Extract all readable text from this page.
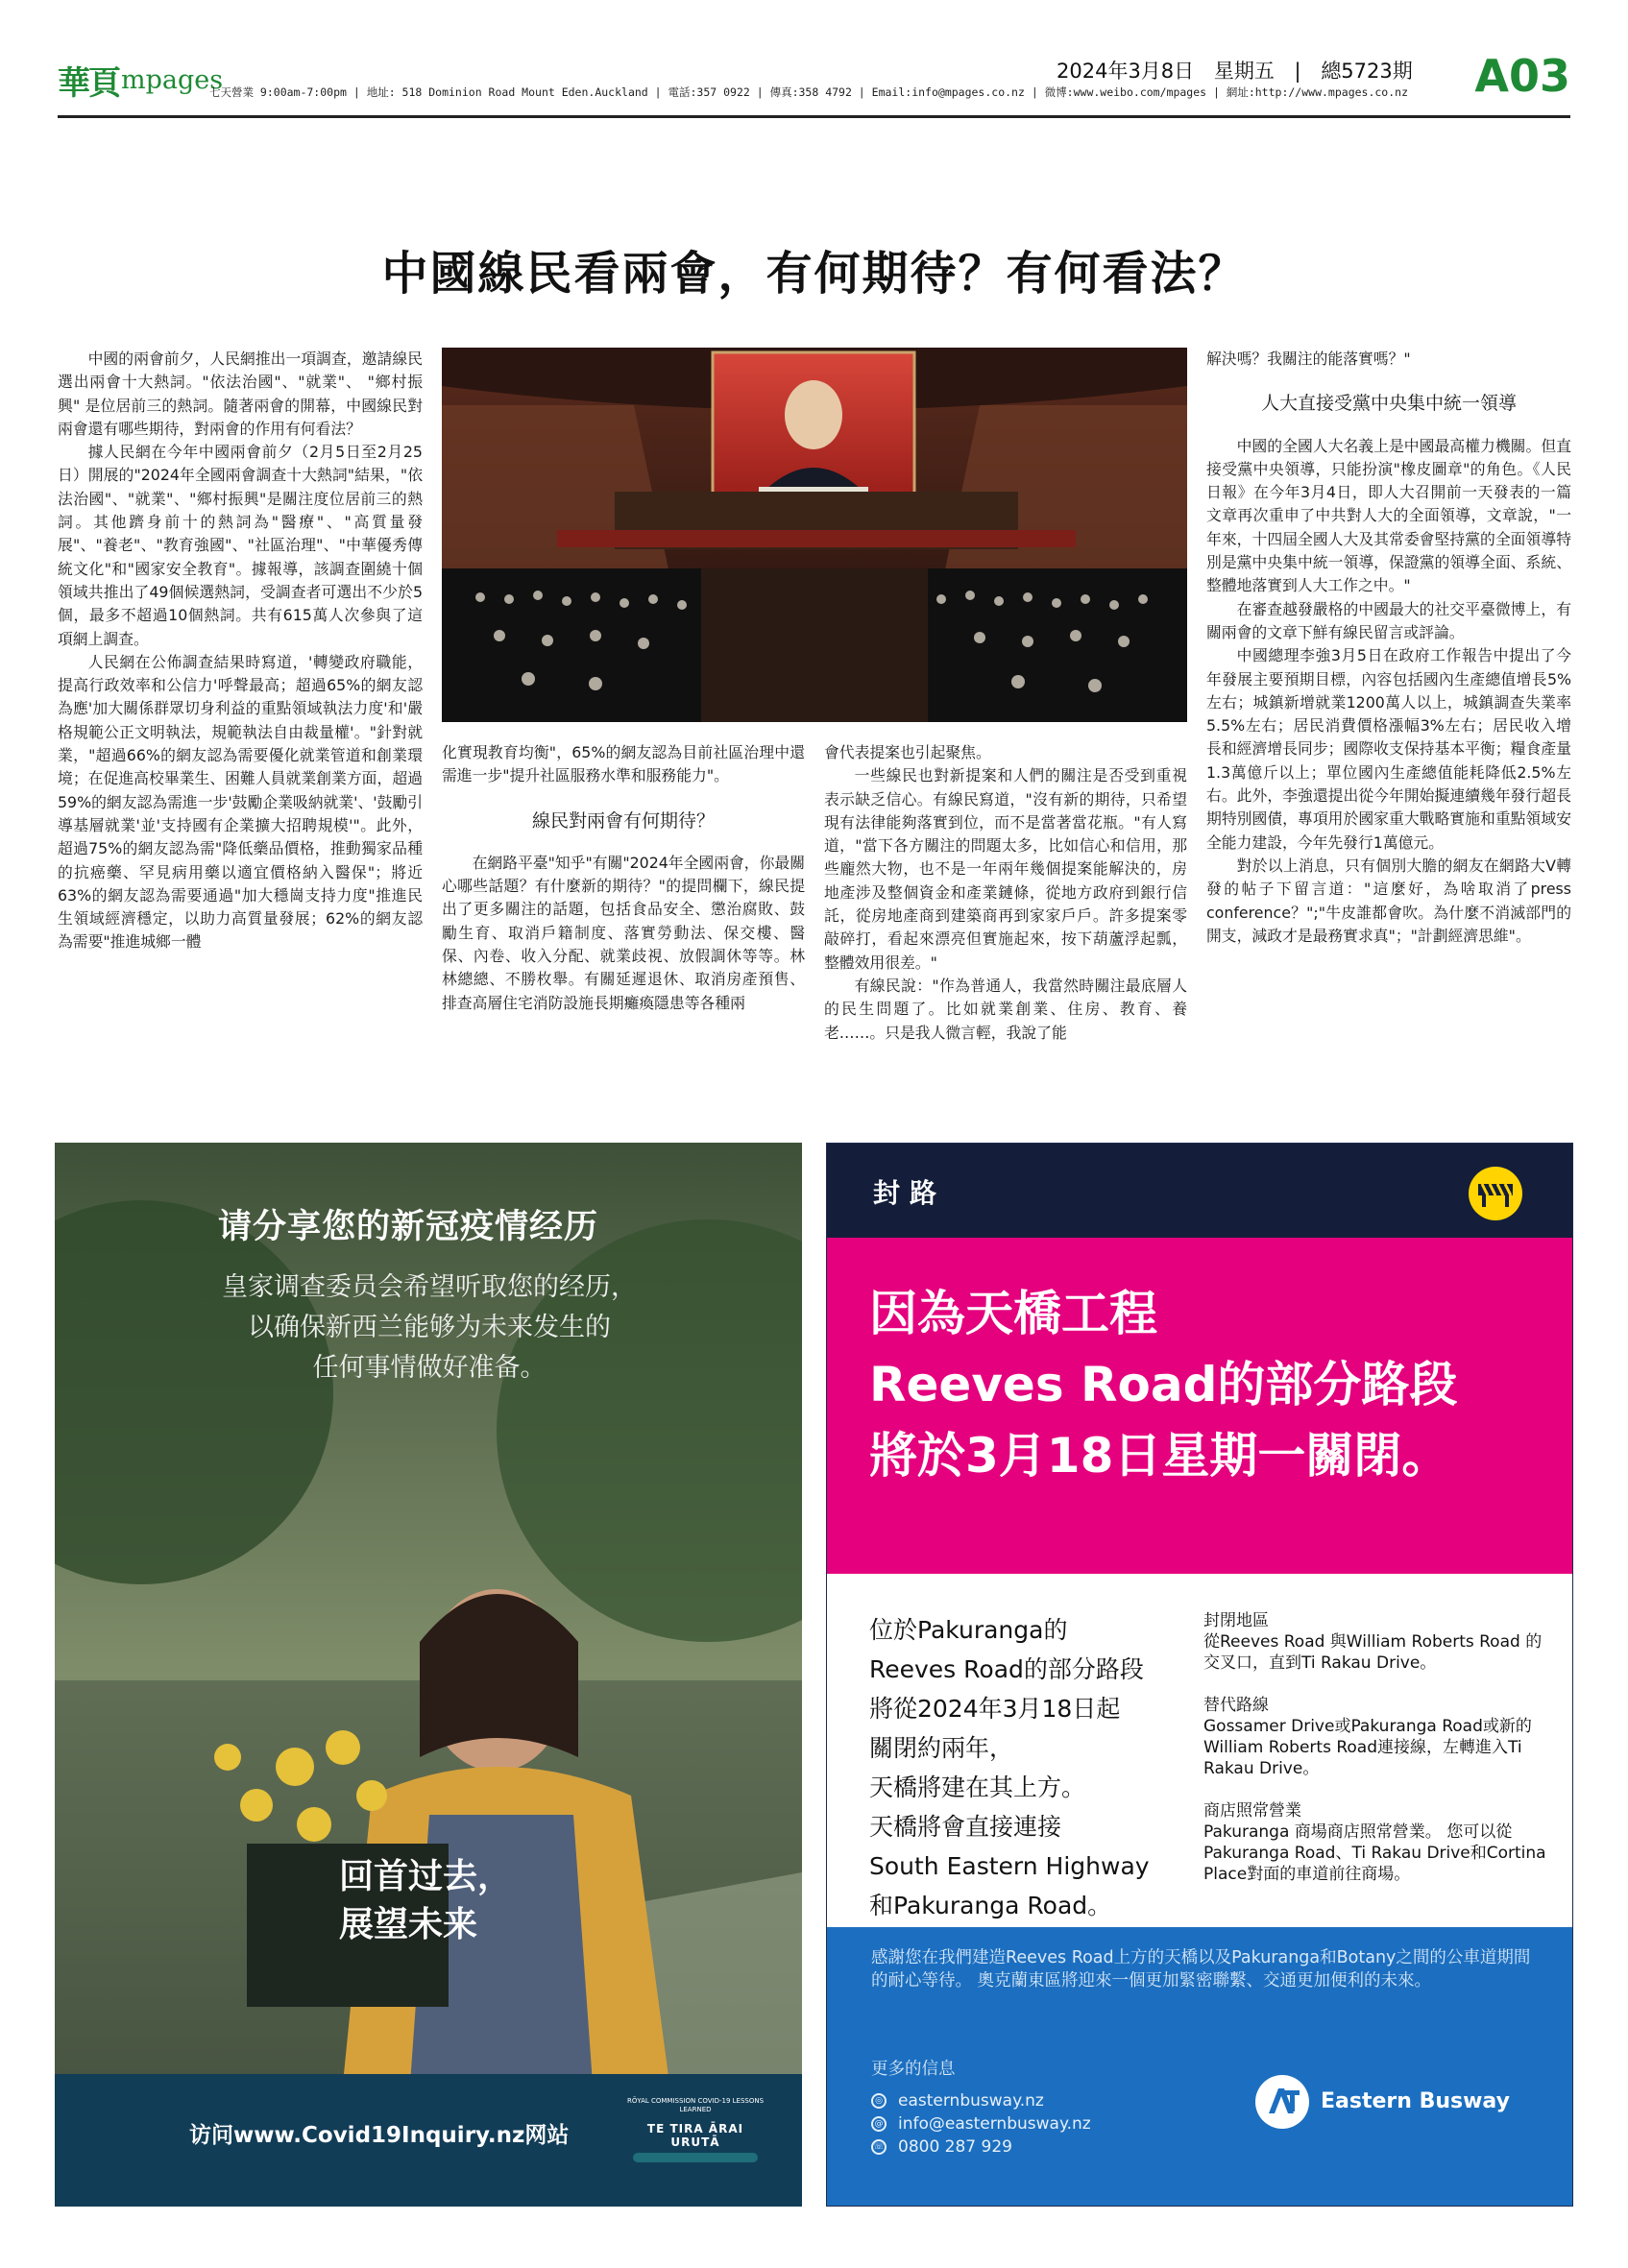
華頁 mpages
七天營業 9:00am-7:00pm | 地址: 518 Dominion Road Mount Eden.Auckland | 電話:357 0922 | 傳真:358 4792 | Email:info@mpages.co.nz | 微博:www.weibo.com/mpages | 網址:http://www.mpages.co.nz
2024年3月8日 星期五 | 總5723期	A03
中國線民看兩會，有何期待？有何看法？

中國的兩會前夕，人民網推出一項調查，邀請線民選出兩會十大熱詞。"依法治國"、"就業"、 "鄉村振興" 是位居前三的熱詞。隨著兩會的開幕，中國線民對兩會還有哪些期待，對兩會的作用有何看法？

據人民網在今年中國兩會前夕（2月5日至2月25日）開展的"2024年全國兩會調查十大熱詞"結果，"依法治國"、"就業"、"鄉村振興"是關注度位居前三的熱詞。其他躋身前十的熱詞為"醫療"、"高質量發展"、"養老"、"教育強國"、"社區治理"、"中華優秀傳統文化"和"國家安全教育"。據報導，該調查圍繞十個領域共推出了49個候選熱詞，受調查者可選出不少於5個，最多不超過10個熱詞。共有615萬人次參與了這項網上調查。

人民網在公佈調查結果時寫道，'轉變政府職能，提高行政效率和公信力'呼聲最高；超過65%的網友認為應'加大關係群眾切身利益的重點領域執法力度'和'嚴格規範公正文明執法，規範執法自由裁量權'。"針對就業，"超過66%的網友認為需要優化就業管道和創業環境；在促進高校畢業生、困難人員就業創業方面，超過59%的網友認為需進一步'鼓勵企業吸納就業'、'鼓勵引導基層就業'並'支持國有企業擴大招聘規模'"。此外，超過75%的網友認為需"降低藥品價格，推動獨家品種的抗癌藥、罕見病用藥以適宜價格納入醫保"；將近63%的網友認為需要通過"加大穩崗支持力度"推進民生領域經濟穩定，以助力高質量發展；62%的網友認為需要"推進城鄉一體

化實現教育均衡"，65%的網友認為目前社區治理中還需進一步"提升社區服務水準和服務能力"。

線民對兩會有何期待？

在網路平臺"知乎"有關"2024年全國兩會，你最關心哪些話題？有什麼新的期待？"的提問欄下，線民提出了更多關注的話題，包括食品安全、懲治腐敗、鼓勵生育、取消戶籍制度、落實勞動法、保交樓、醫保、內卷、收入分配、就業歧視、放假調休等等。林林總總、不勝枚舉。有關延遲退休、取消房產預售、排查高層住宅消防設施長期癱瘓隱患等各種兩

會代表提案也引起聚焦。

一些線民也對新提案和人們的關注是否受到重視表示缺乏信心。有線民寫道，"沒有新的期待，只希望現有法律能夠落實到位，而不是當著當花瓶。"有人寫道，"當下各方關注的問題太多，比如信心和信用，那些龐然大物，也不是一年兩年幾個提案能解決的，房地產涉及整個資金和產業鏈條，從地方政府到銀行信託，從房地產商到建築商再到家家戶戶。許多提案零敲碎打，看起來漂亮但實施起來，按下葫蘆浮起瓢，整體效用很差。"

有線民說："作為普通人，我當然時關注最底層人的民生問題了。比如就業創業、住房、教育、養老……。只是我人微言輕，我說了能

解決嗎？我關注的能落實嗎？"

人大直接受黨中央集中統一領導

中國的全國人大名義上是中國最高權力機關。但直接受黨中央領導，只能扮演"橡皮圖章"的角色。《人民日報》在今年3月4日，即人大召開前一天發表的一篇文章再次重申了中共對人大的全面領導，文章說，"一年來，十四屆全國人大及其常委會堅持黨的全面領導特別是黨中央集中統一領導，保證黨的領導全面、系統、整體地落實到人大工作之中。"

在審查越發嚴格的中國最大的社交平臺微博上，有關兩會的文章下鮮有線民留言或評論。

中國總理李強3月5日在政府工作報告中提出了今年發展主要預期目標，內容包括國內生產總值增長5%左右；城鎮新增就業1200萬人以上，城鎮調查失業率5.5%左右；居民消費價格漲幅3%左右；居民收入增長和經濟增長同步；國際收支保持基本平衡；糧食產量1.3萬億斤以上；單位國內生產總值能耗降低2.5%左右。此外，李強還提出從今年開始擬連續幾年發行超長期特別國債，專項用於國家重大戰略實施和重點領域安全能力建設，今年先發行1萬億元。

對於以上消息，只有個別大膽的網友在網路大V轉發的帖子下留言道："這麼好，為啥取消了press conference？";"牛皮誰都會吹。為什麼不消滅部門的開支，減政才是最務實求真"；"計劃經濟思維"。

请分享您的新冠疫情经历
皇家调查委员会希望听取您的经历，
以确保新西兰能够为未来发生的
任何事情做好准备。
回首过去，
展望未来
访问www.Covid19Inquiry.nz网站
RŌYAL COMMISSION COVID-19 LESSONS LEARNED
TE TIRA ĀRAI URUTĀ
封路
因為天橋工程
Reeves Road的部分路段
將於3月18日星期一關閉。
位於Pakuranga的
Reeves Road的部分路段
將從2024年3月18日起
關閉約兩年，
天橋將建在其上方。
天橋將會直接連接
South Eastern Highway
和Pakuranga Road。
封閉地區
從Reeves Road 與William Roberts Road 的交叉口，直到Ti Rakau Drive。
替代路線
Gossamer Drive或Pakuranga Road或新的William Roberts Road連接線，左轉進入Ti Rakau Drive。
商店照常營業
Pakuranga 商場商店照常營業。 您可以從Pakuranga Road、Ti Rakau Drive和Cortina Place對面的車道前往商場。
感謝您在我們建造Reeves Road上方的天橋以及Pakuranga和Botany之間的公車道期間的耐心等待。 奧克蘭東區將迎來一個更加緊密聯繫、交通更加便利的未來。
更多的信息
◎ easternbusway.nz
@ info@easternbusway.nz
☏ 0800 287 929
Eastern Busway
